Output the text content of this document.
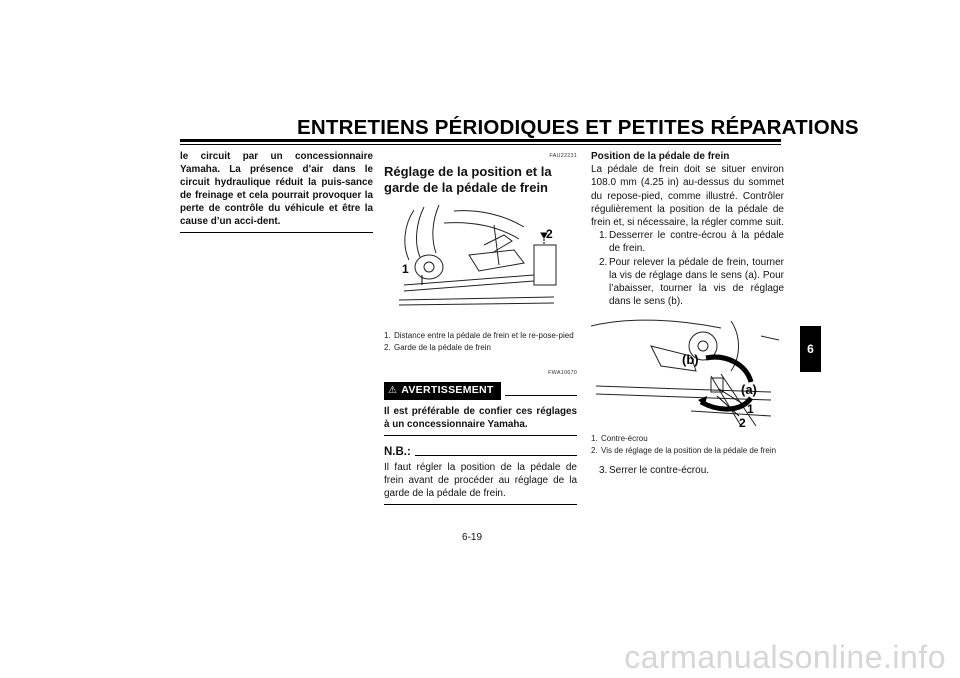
ENTRETIENS PÉRIODIQUES ET PETITES RÉPARATIONS
le circuit par un concessionnaire Yamaha. La présence d’air dans le circuit hydraulique réduit la puis-sance de freinage et cela pourrait provoquer la perte de contrôle du véhicule et être la cause d’un acci-dent.
FAU22231
Réglage de la position et la garde de la pédale de frein
1
2
1. Distance entre la pédale de frein et le re-pose-pied
2. Garde de la pédale de frein
FWA10670
⚠ AVERTISSEMENT
Il est préférable de confier ces réglages à un concessionnaire Yamaha.
N.B.:
Il faut régler la position de la pédale de frein avant de procéder au réglage de la garde de la pédale de frein.
Position de la pédale de frein
La pédale de frein doit se situer environ 108.0 mm (4.25 in) au-dessus du sommet du repose-pied, comme illustré. Contrôler régulièrement la position de la pédale de frein et, si nécessaire, la régler comme suit.
1. Desserrer le contre-écrou à la pédale de frein.
2. Pour relever la pédale de frein, tourner la vis de réglage dans le sens (a). Pour l’abaisser, tourner la vis de réglage dans le sens (b).
(b)
(a)
1
2
1. Contre-écrou
2. Vis de réglage de la position de la pédale de frein
3. Serrer le contre-écrou.
6
6-19
carmanualsonline.info
